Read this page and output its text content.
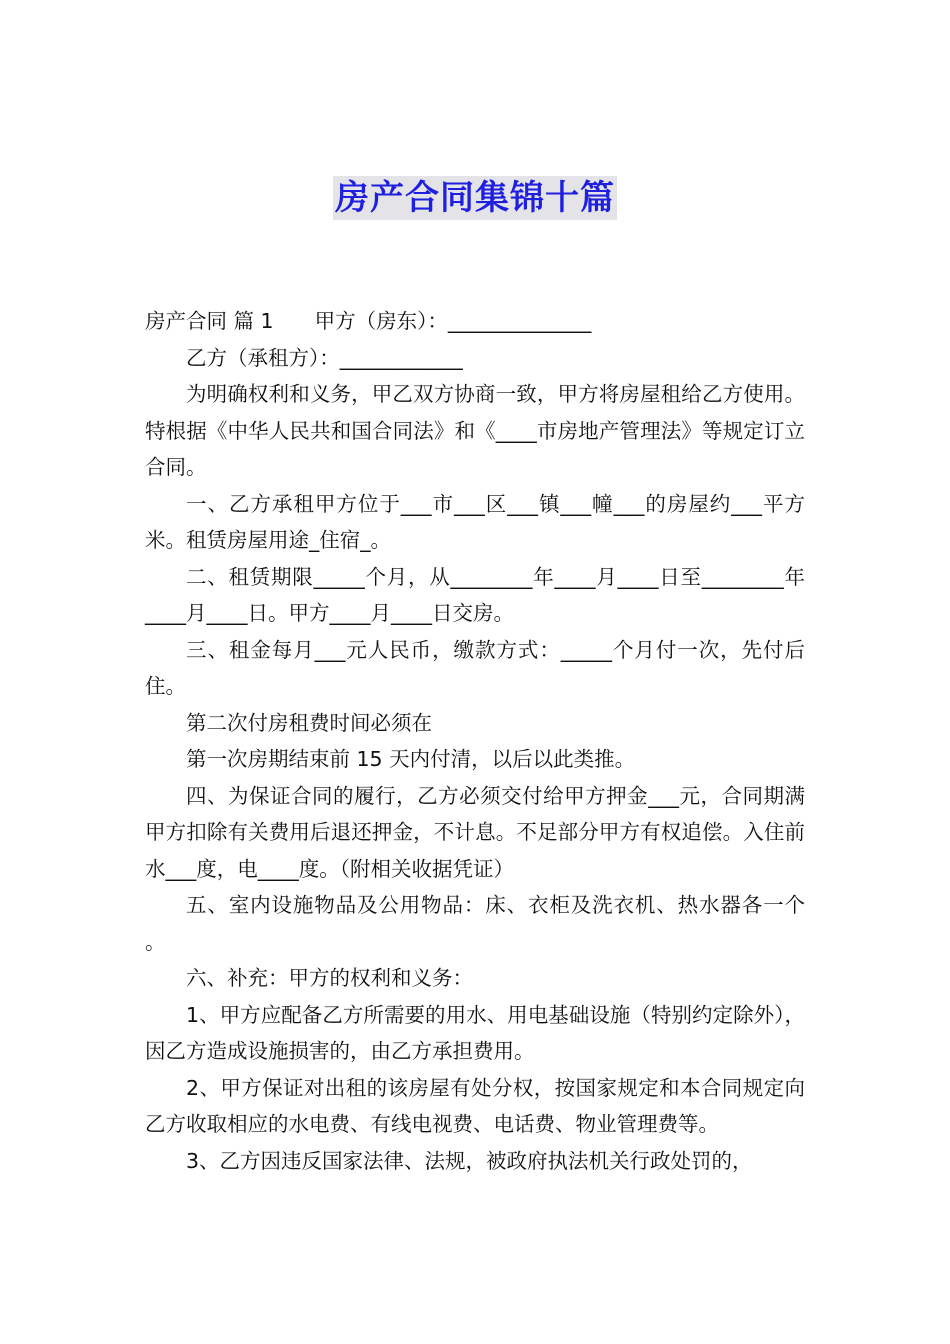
房产合同集锦十篇

房产合同 篇 1　　甲方（房东）：______________

乙方（承租方）：____________

为明确权利和义务，甲乙双方协商一致，甲方将房屋租给乙方使用。特根据《中华人民共和国合同法》和《____市房地产管理法》等规定订立合同。

一、乙方承租甲方位于___市___区___镇___幢___的房屋约___平方米。租赁房屋用途_住宿_。

二、租赁期限_____个月，从________年____月____日至________年____月____日。甲方____月____日交房。

三、租金每月___元人民币，缴款方式：_____个月付一次，先付后住。

第二次付房租费时间必须在

第一次房期结束前 15 天内付清，以后以此类推。

四、为保证合同的履行，乙方必须交付给甲方押金___元，合同期满甲方扣除有关费用后退还押金，不计息。不足部分甲方有权追偿。入住前水___度，电____度。（附相关收据凭证）

五、室内设施物品及公用物品：床、衣柜及洗衣机、热水器各一个 。

六、补充：甲方的权利和义务：

1、甲方应配备乙方所需要的用水、用电基础设施（特别约定除外），因乙方造成设施损害的，由乙方承担费用。

2、甲方保证对出租的该房屋有处分权，按国家规定和本合同规定向乙方收取相应的水电费、有线电视费、电话费、物业管理费等。

3、乙方因违反国家法律、法规，被政府执法机关行政处罚的，
